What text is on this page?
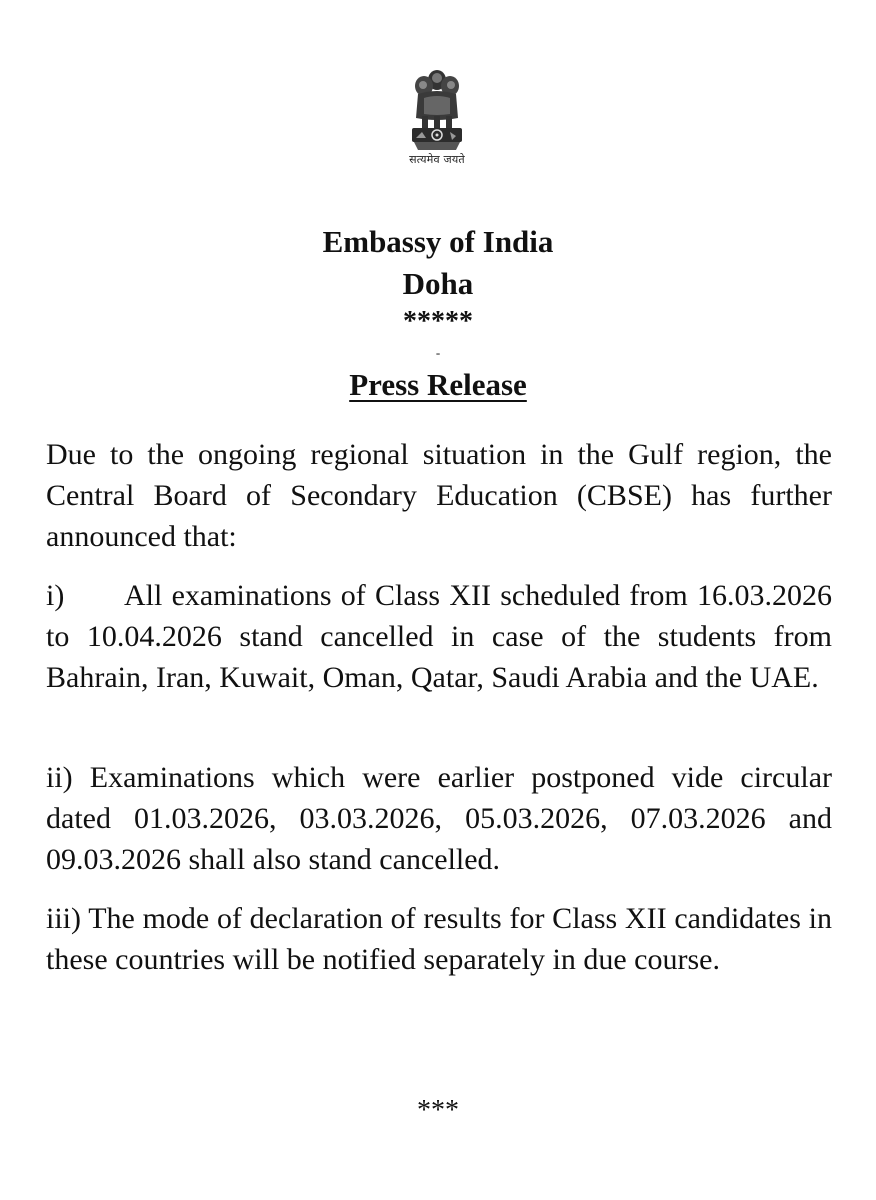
सत्यमेव जयते
Embassy of India
Doha
*****
-
Press Release

Due to the ongoing regional situation in the Gulf region, the Central Board of Secondary Education (CBSE) has further announced that:

i) All examinations of Class XII scheduled from 16.03.2026 to 10.04.2026 stand cancelled in case of the students from Bahrain, Iran, Kuwait, Oman, Qatar, Saudi Arabia and the UAE.

ii) Examinations which were earlier postponed vide circular dated 01.03.2026, 03.03.2026, 05.03.2026, 07.03.2026 and 09.03.2026 shall also stand cancelled.

iii) The mode of declaration of results for Class XII candidates in these countries will be notified separately in due course.

***
